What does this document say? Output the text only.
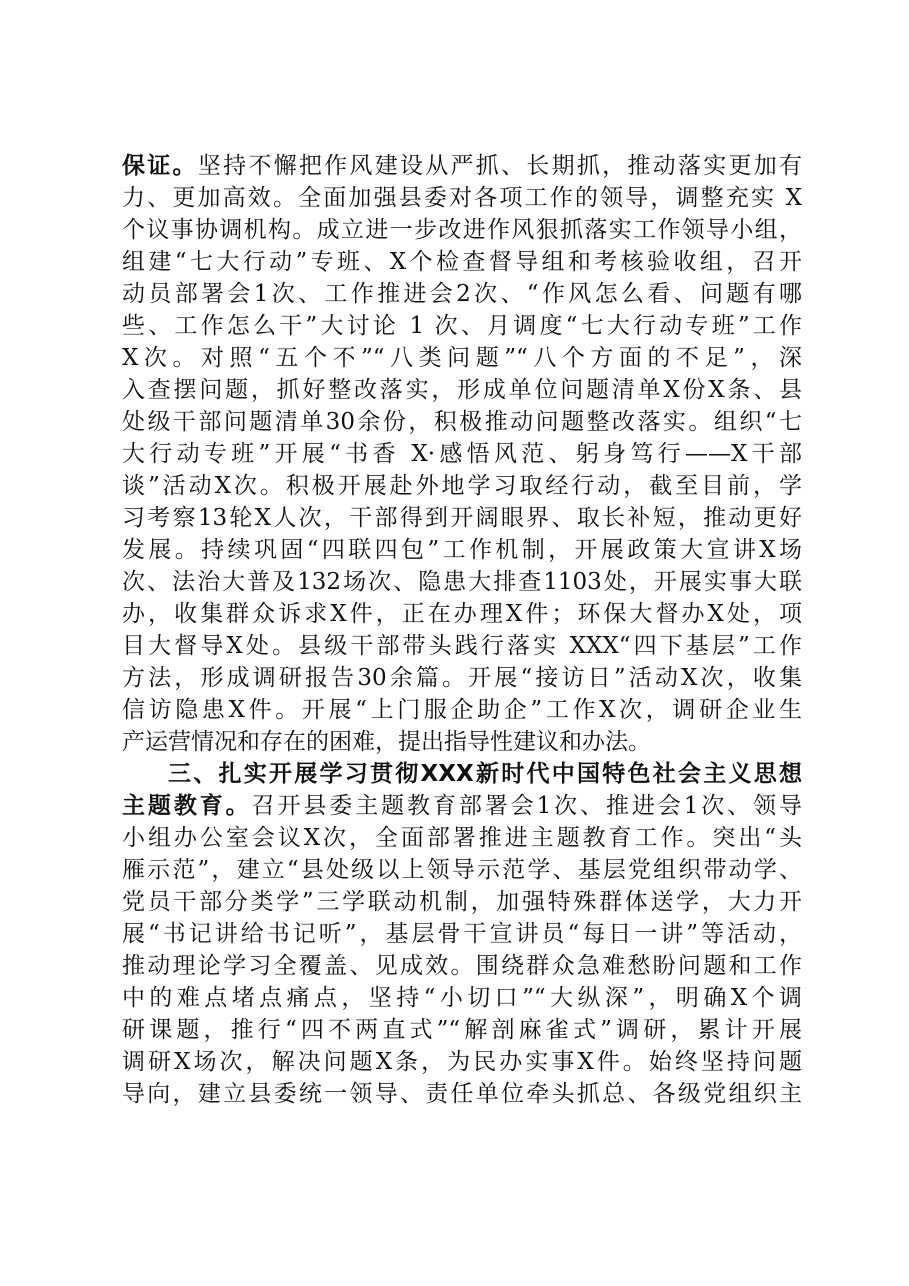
保证。坚持不懈把作风建设从严抓、长期抓，推动落实更加有
力、更加高效。全面加强县委对各项工作的领导，调整充实 X
个议事协调机构。成立进一步改进作风狠抓落实工作领导小组，
组建“七大行动”专班、X个检查督导组和考核验收组，召开
动员部署会1次、工作推进会2次、“作风怎么看、问题有哪
些、工作怎么干”大讨论 1 次、月调度“七大行动专班”工作
X次。对照“五个不”“八类问题”“八个方面的不足”，深
入查摆问题，抓好整改落实，形成单位问题清单X份X条、县
处级干部问题清单30余份，积极推动问题整改落实。组织“七
大行动专班”开展“书香 X·感悟风范、躬身笃行——X干部
谈”活动X次。积极开展赴外地学习取经行动，截至目前，学
习考察13轮X人次，干部得到开阔眼界、取长补短，推动更好
发展。持续巩固“四联四包”工作机制，开展政策大宣讲X场
次、法治大普及132场次、隐患大排查1103处，开展实事大联
办，收集群众诉求X件，正在办理X件；环保大督办X处，项
目大督导X处。县级干部带头践行落实 XXX“四下基层”工作
方法，形成调研报告30余篇。开展“接访日”活动X次，收集
信访隐患X件。开展“上门服企助企”工作X次，调研企业生
产运营情况和存在的困难，提出指导性建议和办法。
三、扎实开展学习贯彻XXX新时代中国特色社会主义思想
主题教育。召开县委主题教育部署会1次、推进会1次、领导
小组办公室会议X次，全面部署推进主题教育工作。突出“头
雁示范”，建立“县处级以上领导示范学、基层党组织带动学、
党员干部分类学”三学联动机制，加强特殊群体送学，大力开
展“书记讲给书记听”，基层骨干宣讲员“每日一讲”等活动，
推动理论学习全覆盖、见成效。围绕群众急难愁盼问题和工作
中的难点堵点痛点，坚持“小切口”“大纵深”，明确X个调
研课题，推行“四不两直式”“解剖麻雀式”调研，累计开展
调研X场次，解决问题X条，为民办实事X件。始终坚持问题
导向，建立县委统一领导、责任单位牵头抓总、各级党组织主
